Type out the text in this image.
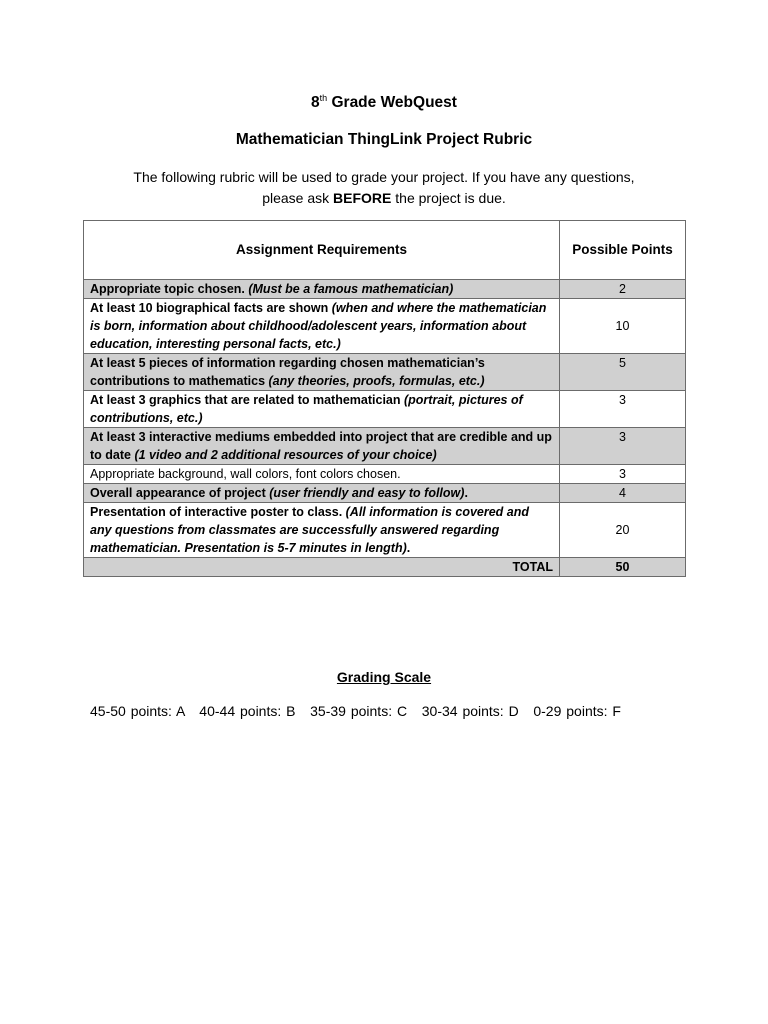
8th Grade WebQuest
Mathematician ThingLink Project Rubric
The following rubric will be used to grade your project. If you have any questions,
please ask BEFORE the project is due.
Assignment Requirements	Possible Points
Appropriate topic chosen. (Must be a famous mathematician)	2
At least 10 biographical facts are shown (when and where the mathematician is born, information about childhood/adolescent years, information about education, interesting personal facts, etc.)	10
At least 5 pieces of information regarding chosen mathematician’s contributions to mathematics (any theories, proofs, formulas, etc.)	5
At least 3 graphics that are related to mathematician (portrait, pictures of contributions, etc.)	3
At least 3 interactive mediums embedded into project that are credible and up to date (1 video and 2 additional resources of your choice)	3
Appropriate background, wall colors, font colors chosen.	3
Overall appearance of project (user friendly and easy to follow).	4
Presentation of interactive poster to class. (All information is covered and any questions from classmates are successfully answered regarding mathematician. Presentation is 5-7 minutes in length).	20
TOTAL	50
Grading Scale
45-50 points: A   40-44 points: B   35-39 points: C   30-34 points: D   0-29 points: F
